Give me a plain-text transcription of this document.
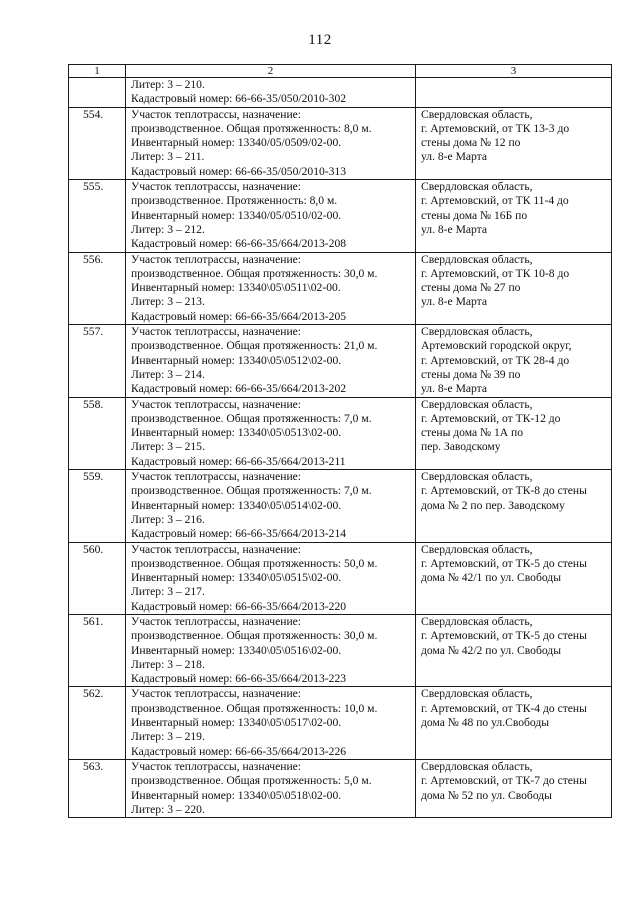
112
1	2	3

	Литер: 3 – 210.
Кадастровый номер: 66-66-35/050/2010-302	

554.	Участок теплотрассы, назначение:
производственное. Общая протяженность: 8,0 м.
Инвентарный номер: 13340/05/0509/02-00.
Литер: 3 – 211.
Кадастровый номер: 66-66-35/050/2010-313	Свердловская область,
г. Артемовский, от ТК 13-3 до
стены дома № 12 по
ул. 8-е Марта

555.	Участок теплотрассы, назначение:
производственное. Протяженность: 8,0 м.
Инвентарный номер: 13340/05/0510/02-00.
Литер: 3 – 212.
Кадастровый номер: 66-66-35/664/2013-208	Свердловская область,
г. Артемовский, от ТК 11-4 до
стены дома № 16Б по
ул. 8-е Марта

556.	Участок теплотрассы, назначение:
производственное. Общая протяженность: 30,0 м.
Инвентарный номер: 13340\05\0511\02-00.
Литер: 3 – 213.
Кадастровый номер: 66-66-35/664/2013-205	Свердловская область,
г. Артемовский, от ТК 10-8 до
стены дома № 27 по
ул. 8-е Марта

557.	Участок теплотрассы, назначение:
производственное. Общая протяженность: 21,0 м.
Инвентарный номер: 13340\05\0512\02-00.
Литер: 3 – 214.
Кадастровый номер: 66-66-35/664/2013-202	Свердловская область,
Артемовский городской округ,
г. Артемовский, от ТК 28-4 до
стены дома № 39 по
ул. 8-е Марта

558.	Участок теплотрассы, назначение:
производственное. Общая протяженность: 7,0 м.
Инвентарный номер: 13340\05\0513\02-00.
Литер: 3 – 215.
Кадастровый номер: 66-66-35/664/2013-211	Свердловская область,
г. Артемовский, от ТК-12 до
стены дома № 1А по
пер. Заводскому

559.	Участок теплотрассы, назначение:
производственное. Общая протяженность: 7,0 м.
Инвентарный номер: 13340\05\0514\02-00.
Литер: 3 – 216.
Кадастровый номер: 66-66-35/664/2013-214	Свердловская область,
г. Артемовский, от ТК-8 до стены
дома № 2 по пер. Заводскому

560.	Участок теплотрассы, назначение:
производственное. Общая протяженность: 50,0 м.
Инвентарный номер: 13340\05\0515\02-00.
Литер: 3 – 217.
Кадастровый номер: 66-66-35/664/2013-220	Свердловская область,
г. Артемовский, от ТК-5 до стены
дома № 42/1 по ул. Свободы

561.	Участок теплотрассы, назначение:
производственное. Общая протяженность: 30,0 м.
Инвентарный номер: 13340\05\0516\02-00.
Литер: 3 – 218.
Кадастровый номер: 66-66-35/664/2013-223	Свердловская область,
г. Артемовский, от ТК-5 до стены
дома № 42/2 по ул. Свободы

562.	Участок теплотрассы, назначение:
производственное. Общая протяженность: 10,0 м.
Инвентарный номер: 13340\05\0517\02-00.
Литер: 3 – 219.
Кадастровый номер: 66-66-35/664/2013-226	Свердловская область,
г. Артемовский, от ТК-4 до стены
дома № 48 по ул.Свободы

563.	Участок теплотрассы, назначение:
производственное. Общая протяженность: 5,0 м.
Инвентарный номер: 13340\05\0518\02-00.
Литер: 3 – 220.	Свердловская область,
г. Артемовский, от ТК-7 до стены
дома № 52 по ул. Свободы
